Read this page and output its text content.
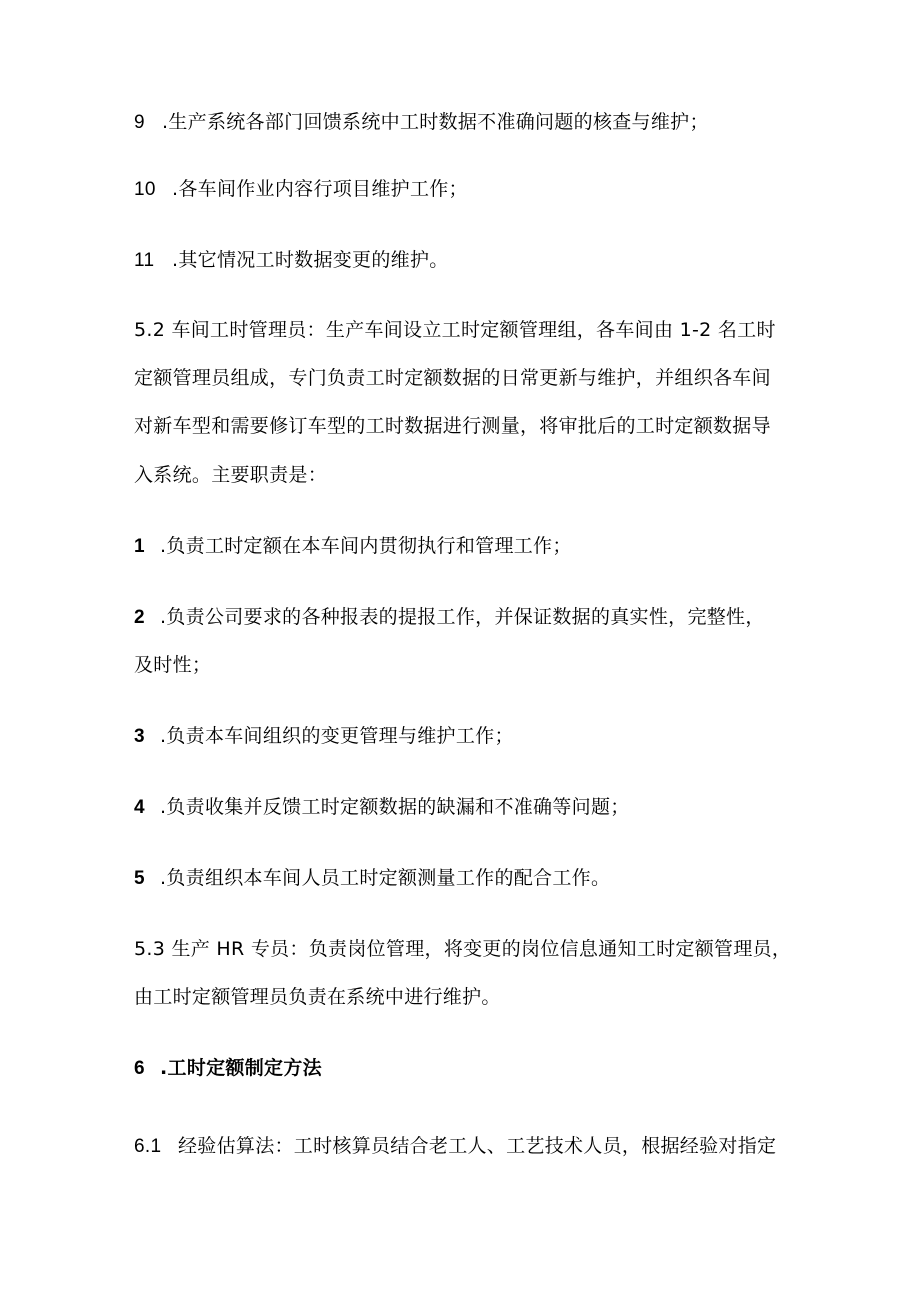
9 .生产系统各部门回馈系统中工时数据不准确问题的核查与维护；
10 .各车间作业内容行项目维护工作；
11 .其它情况工时数据变更的维护。
5.2 车间工时管理员：生产车间设立工时定额管理组，各车间由 1-2 名工时
定额管理员组成，专门负责工时定额数据的日常更新与维护，并组织各车间
对新车型和需要修订车型的工时数据进行测量，将审批后的工时定额数据导
入系统。主要职责是：
1 .负责工时定额在本车间内贯彻执行和管理工作；
2 .负责公司要求的各种报表的提报工作，并保证数据的真实性，完整性，
及时性；
3 .负责本车间组织的变更管理与维护工作；
4 .负责收集并反馈工时定额数据的缺漏和不准确等问题；
5 .负责组织本车间人员工时定额测量工作的配合工作。
5.3 生产 HR 专员：负责岗位管理，将变更的岗位信息通知工时定额管理员，
由工时定额管理员负责在系统中进行维护。
6 .工时定额制定方法
6.1 经验估算法：工时核算员结合老工人、工艺技术人员，根据经验对指定
